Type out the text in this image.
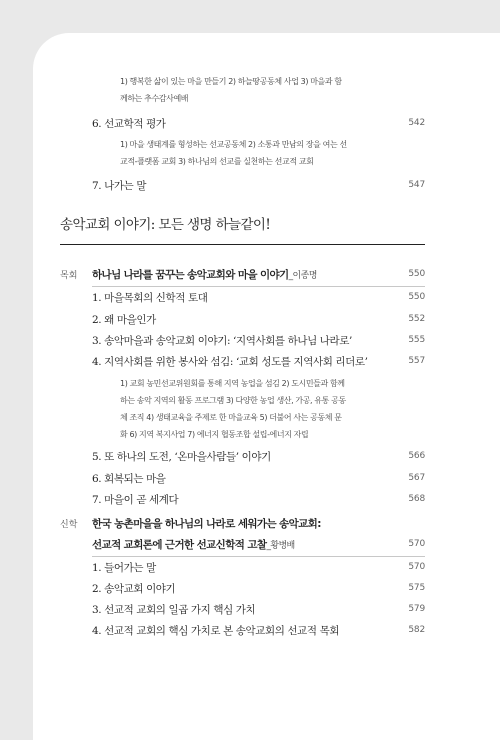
1) 행복한 삶이 있는 마을 만들기 2) 하늘땅공동체 사업 3) 마을과 함
께하는 추수감사예배
6. 선교학적 평가	542
1) 마을 생태계를 형성하는 선교공동체 2) 소통과 만남의 장을 여는 선
교적-플랫폼 교회 3) 하나님의 선교를 실천하는 선교적 교회
7. 나가는 말	547
송악교회 이야기: 모든 생명 하늘같이!
목회 하나님 나라를 꿈꾸는 송악교회와 마을 이야기_이종명	550
1. 마을목회의 신학적 토대	550
2. 왜 마을인가	552
3. 송악마을과 송악교회 이야기: ‘지역사회를 하나님 나라로’	555
4. 지역사회를 위한 봉사와 섬김: ‘교회 성도를 지역사회 리더로’	557
1) 교회 농민선교위원회를 통해 지역 농업을 섬김 2) 도시민들과 함께
하는 송악 지역의 활동 프로그램 3) 다양한 농업 생산, 가공, 유통 공동
체 조직 4) 생태교육을 주제로 한 마을교육 5) 더불어 사는 공동체 문
화 6) 지역 복지사업 7) 에너지 협동조합 설립-에너지 자립
5. 또 하나의 도전, ‘온마을사람들’ 이야기	566
6. 회복되는 마을	567
7. 마을이 곧 세계다	568
신학 한국 농촌마을을 하나님의 나라로 세워가는 송악교회:
선교적 교회론에 근거한 선교신학적 고찰_황병배	570
1. 들어가는 말	570
2. 송악교회 이야기	575
3. 선교적 교회의 일곱 가지 핵심 가치	579
4. 선교적 교회의 핵심 가치로 본 송악교회의 선교적 목회	582
